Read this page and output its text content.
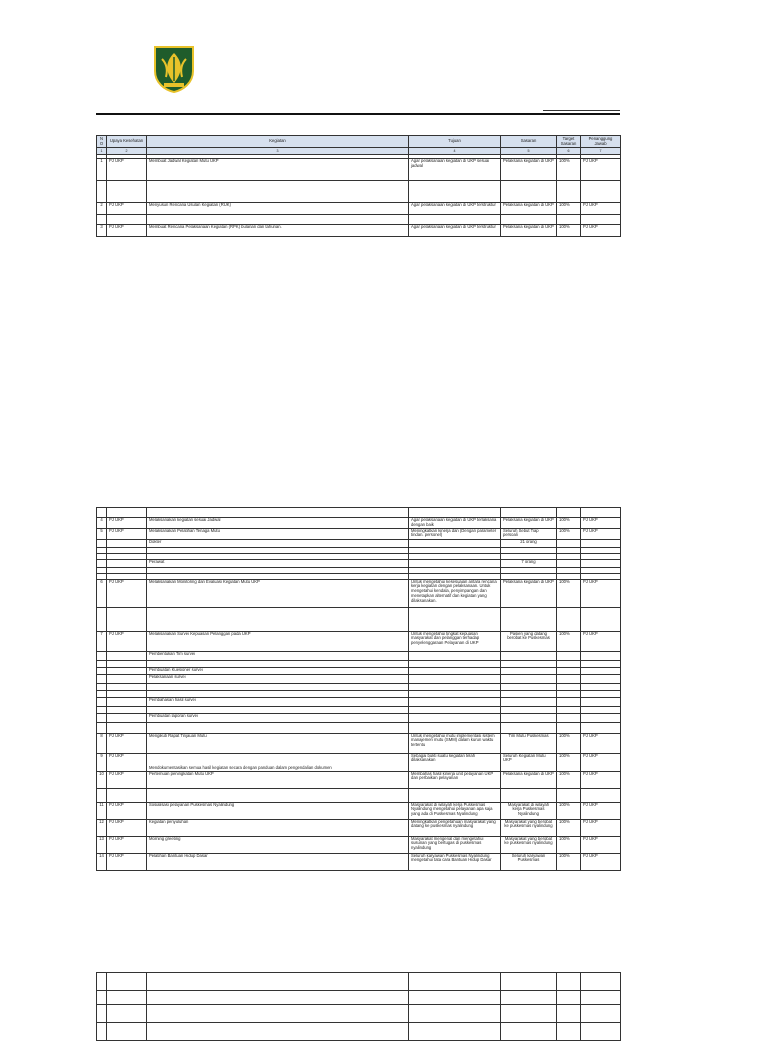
NO	Upaya Kesehatan	Kegiatan	Tujuan	Sasaran	Target Sasaran	Penanggung Jawab
1	2	3	4	5	6	7

1	PJ UKP	Membuat Jadwal Kegiatan Mutu UKP	Agar pelaksanaan kegiatan di UKP sesuai jadwal	Pelaksana kegiatan di UKP	100%	PJ UKP

2	PJ UKP	Menyusun Rencana Usulan Kegiatan (RUK)	Agar pelaksanaan kegiatan di UKP terstruktur	Pelaksana kegiatan di UKP	100%	PJ UKP

3	PJ UKP	Membuat Rencana Pelaksanaan Kegiatan (RPK) bulanan dan tahunan.	Agar pelaksanaan kegiatan di UKP terstruktur	Pelaksana kegiatan di UKP	100%	PJ UKP

4	PJ UKP	Melaksanakan kegiatan sesuai Jadwal	Agar pelaksanaan kegiatan di UKP terlaksana dengan baik	Pelaksana kegiatan di UKP	100%	PJ UKP
5	PJ UKP	Melaksanakan Pelatihan Tenaga Mutu	Meningkatkan kinerja dan (Dengan parameter tindan. personel)	Seluruh Sebut Tiap persoali	100%	PJ UKP
		Dokter		21 orang		

		Perawat		7 orang		

6	PJ UKP	Melaksanakan Monitoring dan Evaluasi Kegiatan Mutu UKP	Untuk mengetahui kesesuaian antara rencana kerja kegiatan dengan pelaksanaan. Untuk mengetahui kendala, penyimpangan dan menetapkan alternatif dan kegiatan yang dilaksanakan.	Pelaksana kegiatan di UKP	100%	PJ UKP

7	PJ UKP	Melaksanakan Survei Kepuasan Pelanggan pada UKP	Untuk mengetahui tingkat kepuasan masyarakat dan pelanggan terhadap penyelenggaraan Pelayanan di UKP	Pasien yang datang berobat ke Puskesmas	100%	PJ UKP
		Pembentukan Tim survei				

		Pembuatan Kuesioner survei				
		Pelaksanaan survei				

		Pembahasan hasil survei				

		Pembuatan laporan survei				

8	PJ UKP	Mengikuti Rapat Tinjauan Mutu	Untuk mengetahui mutu implementasi sistem manajemen mutu (SMM) dalam kurun waktu tertentu	Tim Mutu Puskesmas	100%	PJ UKP
9	PJ UKP	Mendokumentasikan semua hasil kegiatan secara dengan panduan dalam pengendalian dokumen	Sebagai bukti suatu kegiatan telah dilaksanakan	Seluruh Kegiatan Mutu UKP	100%	PJ UKP
10	PJ UKP	Pertemuan peningkatan Mutu UKP	Membahas hasil kinerja unit pelayanan UKP dan perbaikan pelayanan	Pelaksana kegiatan di UKP	100%	PJ UKP

11	PJ UKP	Sosialisasi pelayanan Puskesmas Nyalindung	Masyarakat di wilayah kerja Puskesmas Nyalindung mengetahui pelayanan apa saja yang ada di Puskesmas Nyalindung	Masyarakat di wilayah kerja Puskesmas Nyalindung	100%	PJ UKP
12	PJ UKP	Kegiatan penyuluhan	Meningkatkan pengetahuan masyarakat yang datang ke puskesmas nyalindung	Masyarakat yang berobat ke puskesmas nyalindung	100%	PJ UKP
13	PJ UKP	Morning greeting	Masyarakat mengenal dan mengetahui susunan yang bertugas di puskesmas nyalindung	Masyarakat yang berobat ke puskesmas nyalindung	100%	PJ UKP
14	PJ UKP	Pelatihan Bantuan Hidup Dasar	Seluruh karyawan Puskesmas Nyalindung mengetahui tata cara Bantuan Hidup Dasar	Seluruh karyawan Puskesmas	100%	PJ UKP
